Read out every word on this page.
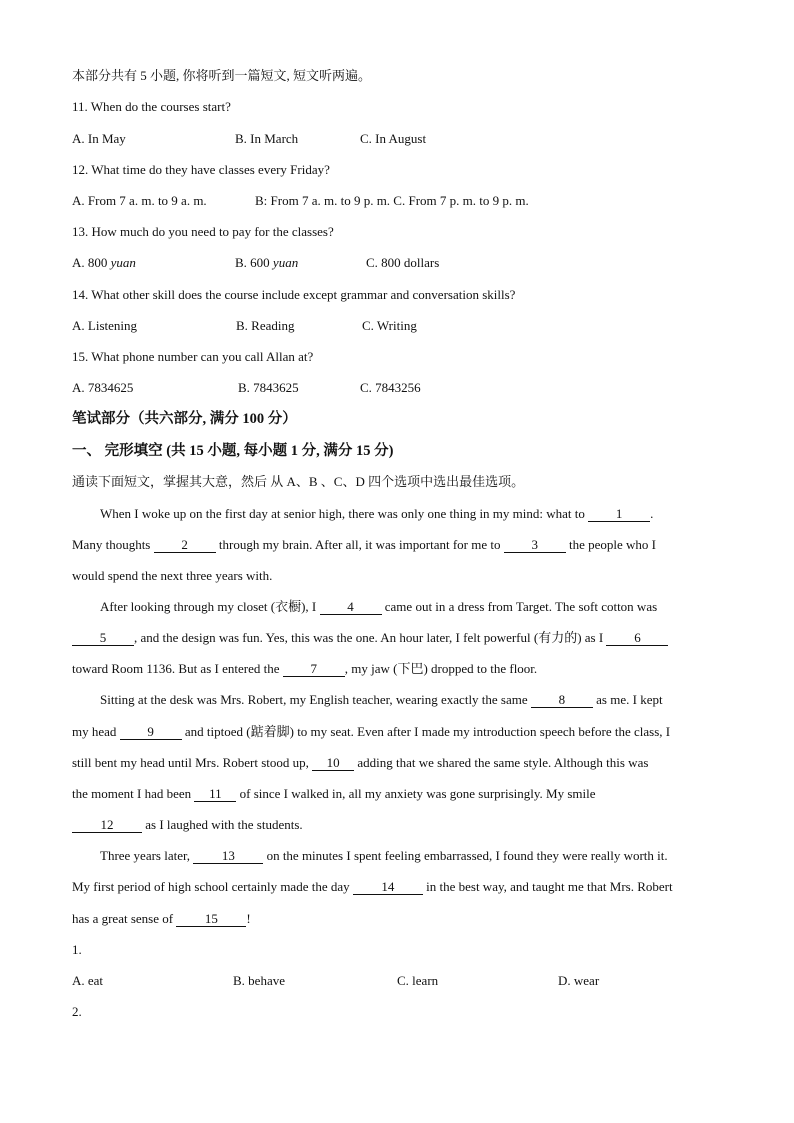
本部分共有 5 小题, 你将听到一篇短文, 短文听两遍。
11. When do the courses start?
A. In May	B. In March	C. In August
12. What time do they have classes every Friday?
A. From 7 a. m. to 9 a. m.	B: From 7 a. m. to 9 p. m. C. From 7 p. m. to 9 p. m.
13. How much do you need to pay for the classes?
A. 800 yuan	B. 600 yuan	C. 800 dollars
14. What other skill does the course include except grammar and conversation skills?
A. Listening	B. Reading	C. Writing
15. What phone number can you call Allan at?
A. 7834625	B. 7843625	C. 7843256
笔试部分（共六部分, 满分 100 分）
一、 完形填空 (共 15 小题, 每小题 1 分, 满分 15 分)
通读下面短文，掌握其大意，然后 从 A、B 、C、D 四个选项中选出最佳选项。
When I woke up on the first day at senior high, there was only one thing in my mind: what to 1 .
Many thoughts 2 through my brain. After all, it was important for me to 3 the people who I
would spend the next three years with.
After looking through my closet (衣橱), I 4 came out in a dress from Target. The soft cotton was
5 , and the design was fun. Yes, this was the one. An hour later, I felt powerful (有力的) as I 6
toward Room 1136. But as I entered the 7 , my jaw (下巴) dropped to the floor.
Sitting at the desk was Mrs. Robert, my English teacher, wearing exactly the same 8 as me. I kept
my head 9 and tiptoed (踮着脚) to my seat. Even after I made my introduction speech before the class, I
still bent my head until Mrs. Robert stood up, 10 adding that we shared the same style. Although this was
the moment I had been 11 of since I walked in, all my anxiety was gone surprisingly. My smile
12 as I laughed with the students.
Three years later, 13 on the minutes I spent feeling embarrassed, I found they were really worth it.
My first period of high school certainly made the day 14 in the best way, and taught me that Mrs. Robert
has a great sense of 15 !
1.
A. eat	B. behave	C. learn	D. wear
2.
